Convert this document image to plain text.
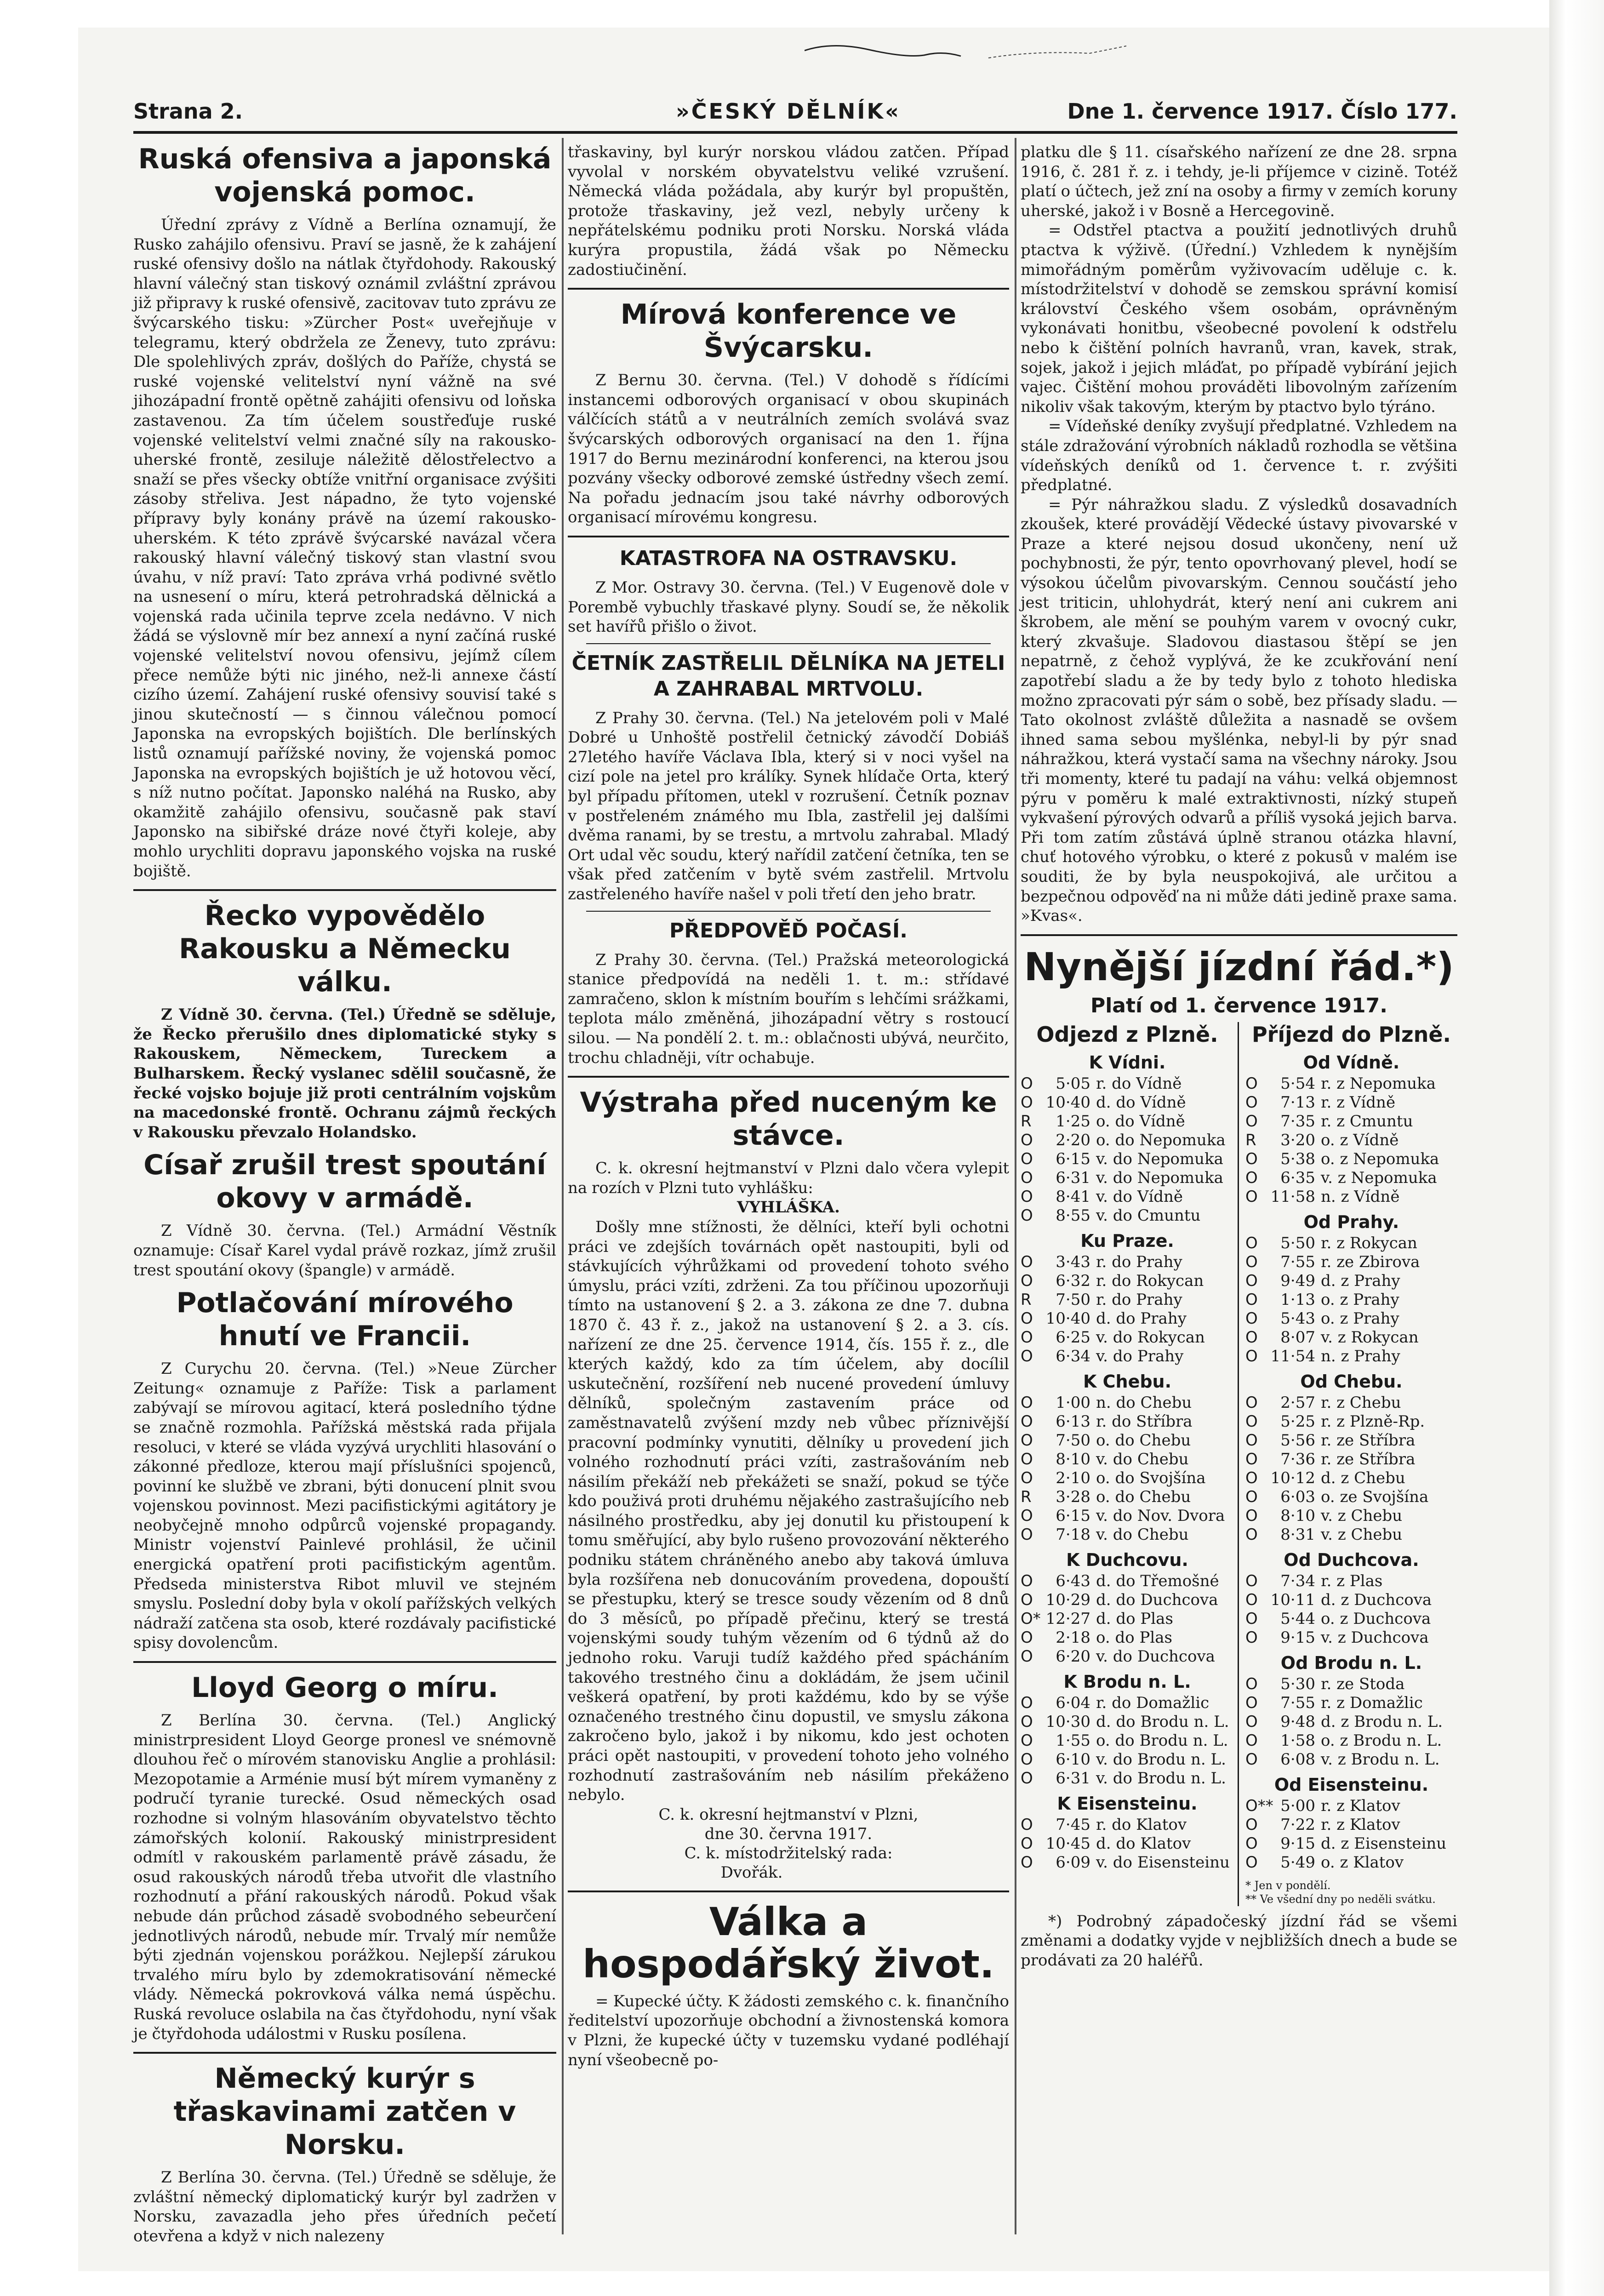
Strana 2.	»ČESKÝ DĚLNÍK«	Dne 1. července 1917. Číslo 177.
Ruská ofensiva a japonská vojenská pomoc.

Úřední zprávy z Vídně a Berlína oznamují, že Rusko zahájilo ofensivu. Praví se jasně, že k zahájení ruské ofensivy došlo na nátlak čtyřdohody. Rakouský hlavní válečný stan tiskový oznámil zvláštní zprávou již připravy k ruské ofensivě, zacitovav tuto zprávu ze švýcarského tisku: »Zürcher Post« uveřejňuje v telegramu, který obdržela ze Ženevy, tuto zprávu: Dle spolehlivých zpráv, došlých do Paříže, chystá se ruské vojenské velitelství nyní vážně na své jihozápadní frontě opětně zahájiti ofensivu od loňska zastavenou. Za tím účelem soustřeďuje ruské vojenské velitelství velmi značné síly na rakousko-uherské frontě, zesiluje náležitě dělostřelectvo a snaží se přes všecky obtíže vnitřní organisace zvýšiti zásoby střeliva. Jest nápadno, že tyto vojenské přípravy byly konány právě na území rakousko-uherském. K této zprávě švýcarské navázal včera rakouský hlavní válečný tiskový stan vlastní svou úvahu, v níž praví: Tato zpráva vrhá podivné světlo na usnesení o míru, která petrohradská dělnická a vojenská rada učinila teprve zcela nedávno. V nich žádá se výslovně mír bez annexí a nyní začíná ruské vojenské velitelství novou ofensivu, jejímž cílem přece nemůže býti nic jiného, než-li annexe částí cizího území. Zahájení ruské ofensivy souvisí také s jinou skutečností — s činnou válečnou pomocí Japonska na evropských bojištích. Dle berlínských listů oznamují pařížské noviny, že vojenská pomoc Japonska na evropských bojištích je už hotovou věcí, s níž nutno počítat. Japonsko naléhá na Rusko, aby okamžitě zahájilo ofensivu, současně pak staví Japonsko na sibiřské dráze nové čtyři koleje, aby mohlo urychliti dopravu japonského vojska na ruské bojiště.

Řecko vypovědělo Rakousku a Německu válku.

Z Vídně 30. června. (Tel.) Úředně se sděluje, že Řecko přerušilo dnes diplomatické styky s Rakouskem, Německem, Tureckem a Bulharskem. Řecký vyslanec sdělil současně, že řecké vojsko bojuje již proti centrálním vojskům na macedonské frontě. Ochranu zájmů řeckých v Rakousku převzalo Holandsko.

Císař zrušil trest spoutání okovy v armádě.

Z Vídně 30. června. (Tel.) Armádní Věstník oznamuje: Císař Karel vydal právě rozkaz, jímž zrušil trest spoutání okovy (špangle) v armádě.

Potlačování mírového hnutí ve Francii.

Z Curychu 20. června. (Tel.) »Neue Zürcher Zeitung« oznamuje z Paříže: Tisk a parlament zabývají se mírovou agitací, která posledního týdne se značně rozmohla. Pařížská městská rada přijala resoluci, v které se vláda vyzývá urychliti hlasování o zákonné předloze, kterou mají příslušníci spojenců, povinní ke službě ve zbrani, býti donucení plnit svou vojenskou povinnost. Mezi pacifistickými agitátory je neobyčejně mnoho odpůrců vojenské propagandy. Ministr vojenství Painlevé prohlásil, že učinil energická opatření proti pacifistickým agentům. Předseda ministerstva Ribot mluvil ve stejném smyslu. Poslední doby byla v okolí pařížských velkých nádraží zatčena sta osob, které rozdávaly pacifistické spisy dovolencům.

Lloyd Georg o míru.

Z Berlína 30. června. (Tel.) Anglický ministrpresident Lloyd George pronesl ve snémovně dlouhou řeč o mírovém stanovisku Anglie a prohlásil: Mezopotamie a Arménie musí být mírem vymaněny z područí tyranie turecké. Osud německých osad rozhodne si volným hlasováním obyvatelstvo těchto zámořských kolonií. Rakouský ministrpresident odmítl v rakouském parlamentě právě zásadu, že osud rakouských národů třeba utvořit dle vlastního rozhodnutí a přání rakouských národů. Pokud však nebude dán průchod zásadě svobodného sebeurčení jednotlivých národů, nebude mír. Trvalý mír nemůže býti zjednán vojenskou porážkou. Nejlepší zárukou trvalého míru bylo by zdemokratisování německé vlády. Německá pokrovková válka nemá úspěchu. Ruská revoluce oslabila na čas čtyřdohodu, nyní však je čtyřdohoda událostmi v Rusku posílena.

Německý kurýr s třaskavinami zatčen v Norsku.

Z Berlína 30. června. (Tel.) Úředně se sděluje, že zvláštní německý diplomatický kurýr byl zadržen v Norsku, zavazadla jeho přes úředních pečetí otevřena a když v nich nalezeny

třaskaviny, byl kurýr norskou vládou zatčen. Případ vyvolal v norském obyvatelstvu veliké vzrušení. Německá vláda požádala, aby kurýr byl propuštěn, protože třaskaviny, jež vezl, nebyly určeny k nepřátelskému podniku proti Norsku. Norská vláda kurýra propustila, žádá však po Německu zadostiučinění.

Mírová konference ve Švýcarsku.

Z Bernu 30. června. (Tel.) V dohodě s řídícími instancemi odborových organisací v obou skupinách válčících států a v neutrálních zemích svolává svaz švýcarských odborových organisací na den 1. října 1917 do Bernu mezinárodní konferenci, na kterou jsou pozvány všecky odborové zemské ústředny všech zemí. Na pořadu jednacím jsou také návrhy odborových organisací mírovému kongresu.

KATASTROFA NA OSTRAVSKU.

Z Mor. Ostravy 30. června. (Tel.) V Eugenově dole v Porembě vybuchly třaskavé plyny. Soudí se, že několik set havířů přišlo o život.

ČETNÍK ZASTŘELIL DĚLNÍKA NA JETELI A ZAHRABAL MRTVOLU.

Z Prahy 30. června. (Tel.) Na jetelovém poli v Malé Dobré u Unhoště postřelil četnický závodčí Dobiáš 27letého havíře Václava Ibla, který si v noci vyšel na cizí pole na jetel pro králíky. Synek hlídače Orta, který byl případu přítomen, utekl v rozrušení. Četník poznav v postřeleném známého mu Ibla, zastřelil jej dalšími dvěma ranami, by se trestu, a mrtvolu zahrabal. Mladý Ort udal věc soudu, který nařídil zatčení četníka, ten se však před zatčením v bytě svém zastřelil. Mrtvolu zastřeleného havíře našel v poli třetí den jeho bratr.

PŘEDPOVĚĎ POČASÍ.

Z Prahy 30. června. (Tel.) Pražská meteorologická stanice předpovídá na neděli 1. t. m.: střídavé zamračeno, sklon k místním bouřím s lehčími srážkami, teplota málo změněná, jihozápadní větry s rostoucí silou. — Na pondělí 2. t. m.: oblačnosti ubývá, neurčito, trochu chladněji, vítr ochabuje.

Výstraha před nuceným ke stávce.

C. k. okresní hejtmanství v Plzni dalo včera vylepit na rozích v Plzni tuto vyhlášku:

VYHLÁŠKA.

Došly mne stížnosti, že dělníci, kteří byli ochotni práci ve zdejších továrnách opět nastoupiti, byli od stávkujících výhrůžkami od provedení tohoto svého úmyslu, práci vzíti, zdrženi. Za tou příčinou upozorňuji tímto na ustanovení § 2. a 3. zákona ze dne 7. dubna 1870 č. 43 ř. z., jakož na ustanovení § 2. a 3. cís. nařízení ze dne 25. července 1914, čís. 155 ř. z., dle kterých každý, kdo za tím účelem, aby docílil uskutečnění, rozšíření neb nucené provedení úmluvy dělníků, společným zastavením práce od zaměstnavatelů zvýšení mzdy neb vůbec příznivější pracovní podmínky vynutiti, dělníky u provedení jich volného rozhodnutí práci vzíti, zastrašováním neb násilím překáží neb překážeti se snaží, pokud se týče kdo použivá proti druhému nějakého zastrašujícího neb násilného prostředku, aby jej donutil ku přistoupení k tomu směřující, aby bylo rušeno provozování některého podniku státem chráněného anebo aby taková úmluva byla rozšířena neb donucováním provedena, dopouští se přestupku, který se tresce soudy vězením od 8 dnů do 3 měsíců, po případě přečinu, který se trestá vojenskými soudy tuhým vězením od 6 týdnů až do jednoho roku. Varuji tudíž každého před spácháním takového trestného činu a dokládám, že jsem učinil veškerá opatření, by proti každému, kdo by se výše označeného trestného činu dopustil, ve smyslu zákona zakročeno bylo, jakož i by nikomu, kdo jest ochoten práci opět nastoupiti, v provedení tohoto jeho volného rozhodnutí zastrašováním neb násilím překáženo nebylo.

C. k. okresní hejtmanství v Plzni,
dne 30. června 1917.
C. k. místodržitelský rada:
Dvořák.
Válka a hospodářský život.

= Kupecké účty. K žádosti zemského c. k. finančního ředitelství upozorňuje obchodní a živnostenská komora v Plzni, že kupecké účty v tuzemsku vydané podléhají nyní všeobecně po-

platku dle § 11. císařského nařízení ze dne 28. srpna 1916, č. 281 ř. z. i tehdy, je-li příjemce v cizině. Totéž platí o účtech, jež zní na osoby a firmy v zemích koruny uherské, jakož i v Bosně a Hercegovině.

= Odstřel ptactva a použití jednotlivých druhů ptactva k výživě. (Úřední.) Vzhledem k nynějším mimořádným poměrům vyživovacím uděluje c. k. místodržitelství v dohodě se zemskou správní komisí království Českého všem osobám, oprávněným vykonávati honitbu, všeobecné povolení k odstřelu nebo k čištění polních havranů, vran, kavek, strak, sojek, jakož i jejich mláďat, po případě vybírání jejich vajec. Čištění mohou prováděti libovolným zařízením nikoliv však takovým, kterým by ptactvo bylo týráno.

= Vídeňské deníky zvyšují předplatné. Vzhledem na stále zdražování výrobních nákladů rozhodla se většina vídeňských deníků od 1. července t. r. zvýšiti předplatné.

= Pýr náhražkou sladu. Z výsledků dosavadních zkoušek, které provádějí Vědecké ústavy pivovarské v Praze a které nejsou dosud ukončeny, není už pochybnosti, že pýr, tento opovrhovaný plevel, hodí se výsokou účelům pivovarským. Cennou součástí jeho jest triticin, uhlohydrát, který není ani cukrem ani škrobem, ale mění se pouhým varem v ovocný cukr, který zkvašuje. Sladovou diastasou štěpí se jen nepatrně, z čehož vyplývá, že ke zcukřování není zapotřebí sladu a že by tedy bylo z tohoto hlediska možno zpracovati pýr sám o sobě, bez přísady sladu. — Tato okolnost zvláště důležita a nasnadě se ovšem ihned sama sebou myšlénka, nebyl-li by pýr snad náhražkou, která vystačí sama na všechny nároky. Jsou tři momenty, které tu padají na váhu: velká objemnost pýru v poměru k malé extraktivnosti, nízký stupeň vykvašení pýrových odvarů a příliš vysoká jejich barva. Při tom zatím zůstává úplně stranou otázka hlavní, chuť hotového výrobku, o které z pokusů v malém ise souditi, že by byla neuspokojivá, ale určitou a bezpečnou odpověď na ni může dáti jedině praxe sama. »Kvas«.

Nynější jízdní řád.*)
Platí od 1. července 1917.
Odjezd z Plzně.
K Vídni.
O 5·05 r. do Vídně
O 10·40 d. do Vídně
R 1·25 o. do Vídně
O 2·20 o. do Nepomuka
O 6·15 v. do Nepomuka
O 6·31 v. do Nepomuka
O 8·41 v. do Vídně
O 8·55 v. do Cmuntu
Ku Praze.
O 3·43 r. do Prahy
O 6·32 r. do Rokycan
R 7·50 r. do Prahy
O 10·40 d. do Prahy
O 6·25 v. do Rokycan
O 6·34 v. do Prahy
K Chebu.
O 1·00 n. do Chebu
O 6·13 r. do Stříbra
O 7·50 o. do Chebu
O 8·10 v. do Chebu
O 2·10 o. do Svojšína
R 3·28 o. do Chebu
O 6·15 v. do Nov. Dvora
O 7·18 v. do Chebu
K Duchcovu.
O 6·43 d. do Třemošné
O 10·29 d. do Duchcova
O* 12·27 d. do Plas
O 2·18 o. do Plas
O 6·20 v. do Duchcova
K Brodu n. L.
O 6·04 r. do Domažlic
O 10·30 d. do Brodu n. L.
O 1·55 o. do Brodu n. L.
O 6·10 v. do Brodu n. L.
O 6·31 v. do Brodu n. L.
K Eisensteinu.
O 7·45 r. do Klatov
O 10·45 d. do Klatov
O 6·09 v. do Eisensteinu
Příjezd do Plzně.
Od Vídně.
O 5·54 r. z Nepomuka
O 7·13 r. z Vídně
O 7·35 r. z Cmuntu
R 3·20 o. z Vídně
O 5·38 o. z Nepomuka
O 6·35 v. z Nepomuka
O 11·58 n. z Vídně
Od Prahy.
O 5·50 r. z Rokycan
O 7·55 r. ze Zbirova
O 9·49 d. z Prahy
O 1·13 o. z Prahy
O 5·43 o. z Prahy
O 8·07 v. z Rokycan
O 11·54 n. z Prahy
Od Chebu.
O 2·57 r. z Chebu
O 5·25 r. z Plzně-Rp.
O 5·56 r. ze Stříbra
O 7·36 r. ze Stříbra
O 10·12 d. z Chebu
O 6·03 o. ze Svojšína
O 8·10 v. z Chebu
O 8·31 v. z Chebu
Od Duchcova.
O 7·34 r. z Plas
O 10·11 d. z Duchcova
O 5·44 o. z Duchcova
O 9·15 v. z Duchcova
Od Brodu n. L.
O 5·30 r. ze Stoda
O 7·55 r. z Domažlic
O 9·48 d. z Brodu n. L.
O 1·58 o. z Brodu n. L.
O 6·08 v. z Brodu n. L.
Od Eisensteinu.
O** 5·00 r. z Klatov
O 7·22 r. z Klatov
O 9·15 d. z Eisensteinu
O 5·49 o. z Klatov
* Jen v pondělí.
** Ve všední dny po neděli svátku.

*) Podrobný západočeský jízdní řád se všemi změnami a dodatky vyjde v nejbližších dnech a bude se prodávati za 20 haléřů.
